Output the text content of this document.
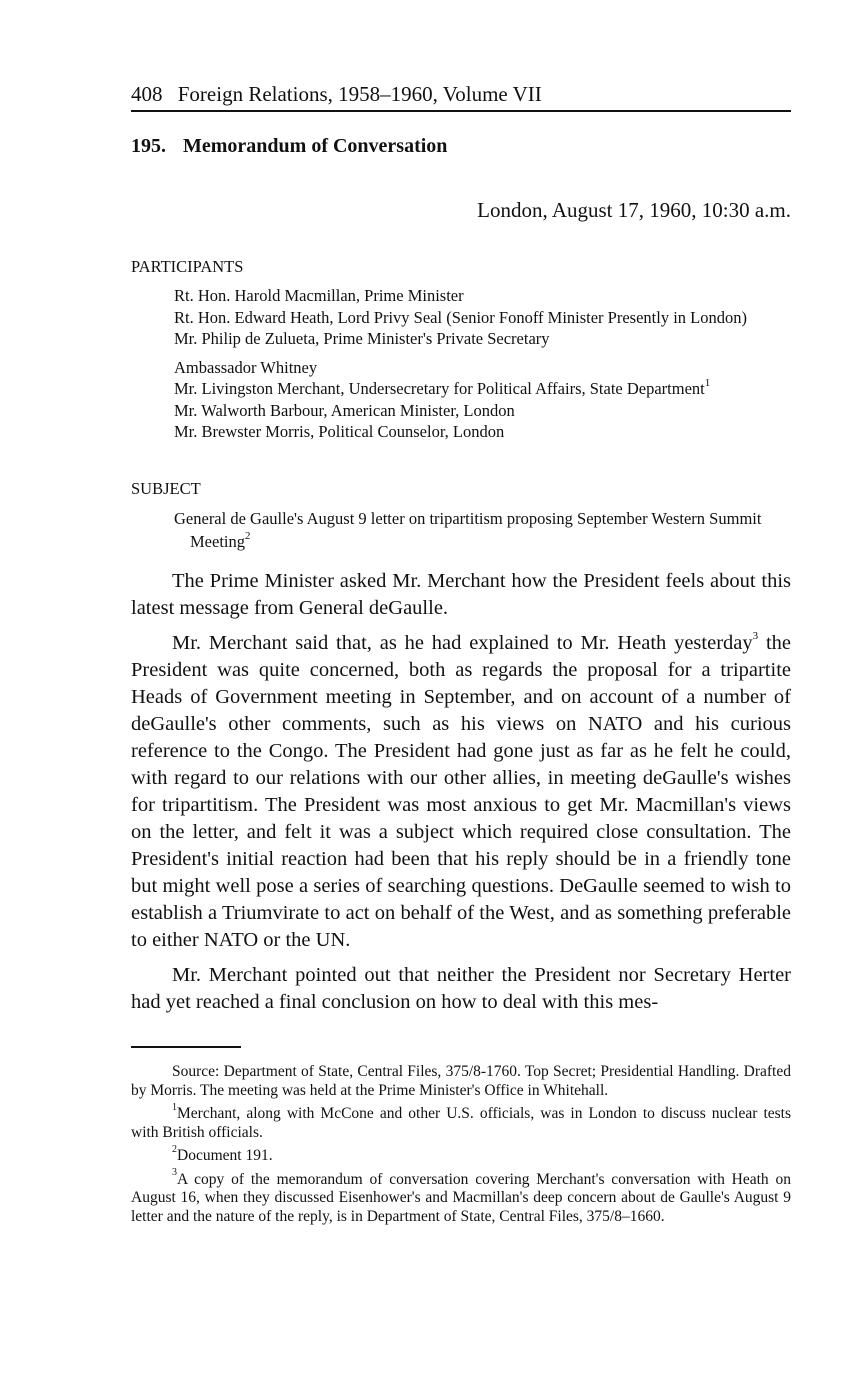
408 Foreign Relations, 1958–1960, Volume VII
195. Memorandum of Conversation
London, August 17, 1960, 10:30 a.m.
PARTICIPANTS
Rt. Hon. Harold Macmillan, Prime Minister
Rt. Hon. Edward Heath, Lord Privy Seal (Senior Fonoff Minister Presently in London)
Mr. Philip de Zulueta, Prime Minister's Private Secretary
Ambassador Whitney
Mr. Livingston Merchant, Undersecretary for Political Affairs, State Department$^1$
Mr. Walworth Barbour, American Minister, London
Mr. Brewster Morris, Political Counselor, London
SUBJECT
General de Gaulle's August 9 letter on tripartitism proposing September Western Summit Meeting$^2$

The Prime Minister asked Mr. Merchant how the President feels about this latest message from General deGaulle.

Mr. Merchant said that, as he had explained to Mr. Heath yesterday$^3$ the President was quite concerned, both as regards the proposal for a tripartite Heads of Government meeting in September, and on account of a number of deGaulle's other comments, such as his views on NATO and his curious reference to the Congo. The President had gone just as far as he felt he could, with regard to our relations with our other allies, in meeting deGaulle's wishes for tripartitism. The President was most anxious to get Mr. Macmillan's views on the letter, and felt it was a subject which required close consultation. The President's initial reaction had been that his reply should be in a friendly tone but might well pose a series of searching questions. DeGaulle seemed to wish to establish a Triumvirate to act on behalf of the West, and as something preferable to either NATO or the UN.

Mr. Merchant pointed out that neither the President nor Secretary Herter had yet reached a final conclusion on how to deal with this mes-

Source: Department of State, Central Files, 375/8-1760. Top Secret; Presidential Handling. Drafted by Morris. The meeting was held at the Prime Minister's Office in Whitehall.

$^1$Merchant, along with McCone and other U.S. officials, was in London to discuss nuclear tests with British officials.

$^2$Document 191.

$^3$A copy of the memorandum of conversation covering Merchant's conversation with Heath on August 16, when they discussed Eisenhower's and Macmillan's deep concern about de Gaulle's August 9 letter and the nature of the reply, is in Department of State, Central Files, 375/8–1660.
